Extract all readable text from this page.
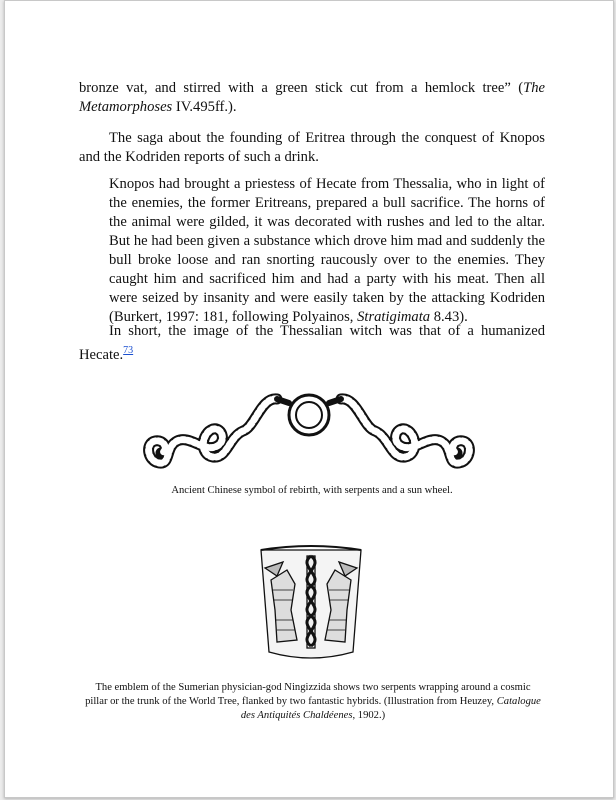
bronze vat, and stirred with a green stick cut from a hemlock tree” (The Metamorphoses IV.495ff.).

The saga about the founding of Eritrea through the conquest of Knopos and the Kodriden reports of such a drink.

Knopos had brought a priestess of Hecate from Thessalia, who in light of the enemies, the former Eritreans, prepared a bull sacrifice. The horns of the animal were gilded, it was decorated with rushes and led to the altar. But he had been given a substance which drove him mad and suddenly the bull broke loose and ran snorting raucously over to the enemies. They caught him and sacrificed him and had a party with his meat. Then all were seized by insanity and were easily taken by the attacking Kodriden (Burkert, 1997: 181, following Polyainos, Stratigimata 8.43).

In short, the image of the Thessalian witch was that of a humanized Hecate.$^{73}$

Ancient Chinese symbol of rebirth, with serpents and a sun wheel.
The emblem of the Sumerian physician-god Ningizzida shows two serpents wrapping around a cosmic pillar or the trunk of the World Tree, flanked by two fantastic hybrids. (Illustration from Heuzey, Catalogue des Antiquités Chaldéenes, 1902.)
